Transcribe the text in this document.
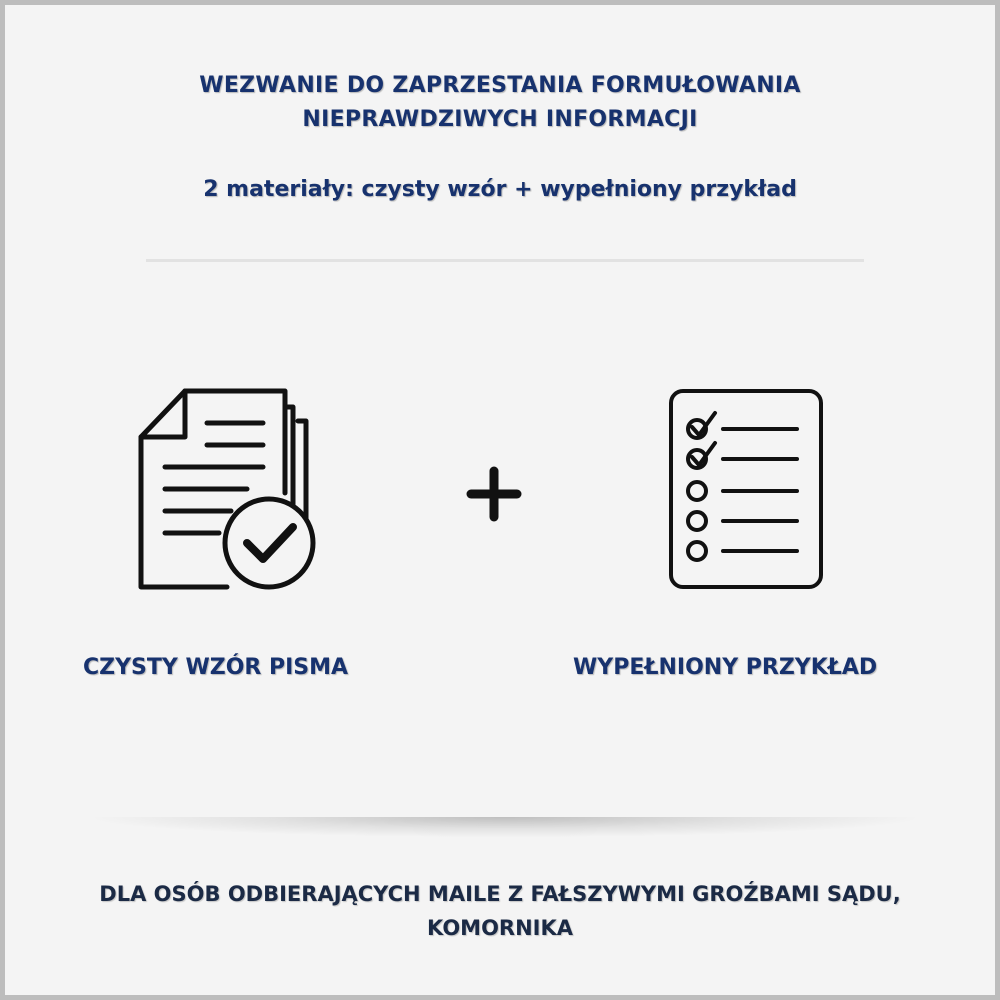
WEZWANIE DO ZAPRZESTANIA FORMUŁOWANIA
NIEPRAWDZIWYCH INFORMACJI
2 materiały: czysty wzór + wypełniony przykład
CZYSTY WZÓR PISMA	WYPEŁNIONY PRZYKŁAD
DLA OSÓB ODBIERAJĄCYCH MAILE Z FAŁSZYWYMI GROŹBAMI SĄDU,
KOMORNIKA
